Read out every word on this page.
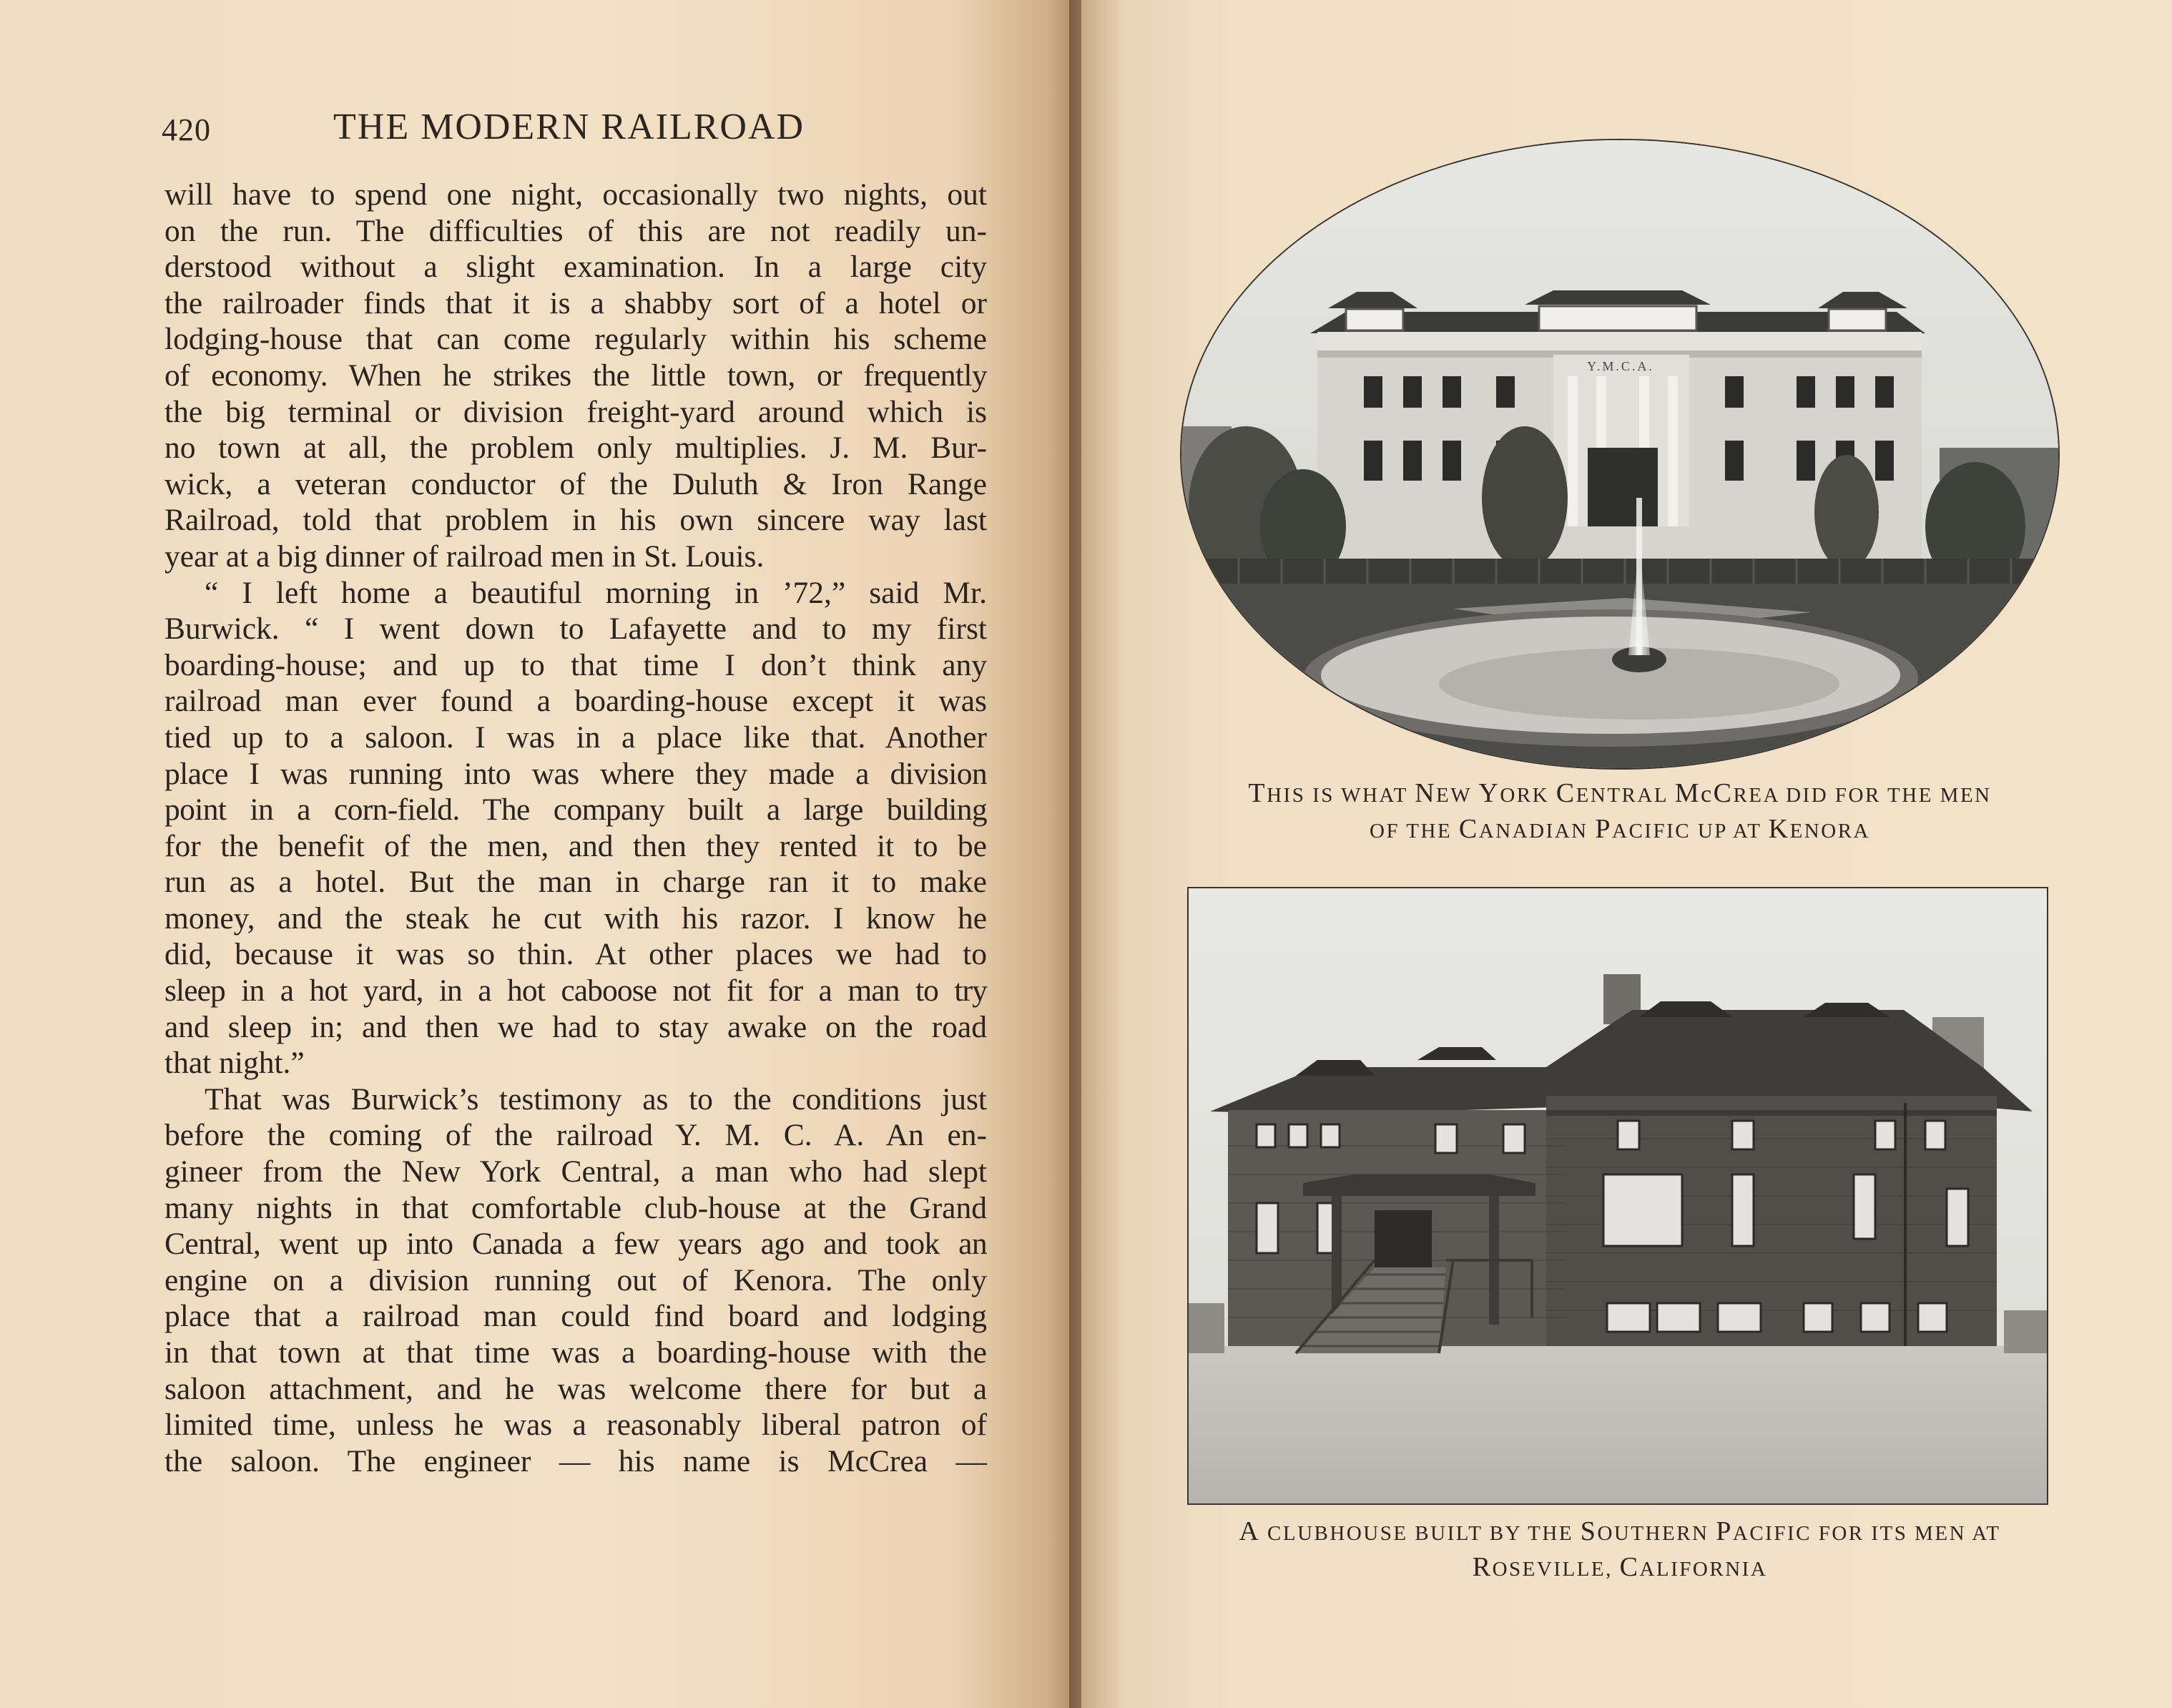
420	THE MODERN RAILROAD

will have to spend one night, occasionally two nights, out

on the run. The difficulties of this are not readily un-

derstood without a slight examination. In a large city

the railroader finds that it is a shabby sort of a hotel or

lodging-house that can come regularly within his scheme

of economy. When he strikes the little town, or frequently

the big terminal or division freight-yard around which is

no town at all, the problem only multiplies. J. M. Bur-

wick, a veteran conductor of the Duluth & Iron Range

Railroad, told that problem in his own sincere way last

year at a big dinner of railroad men in St. Louis.

“ I left home a beautiful morning in ’72,” said Mr.

Burwick. “ I went down to Lafayette and to my first

boarding-house; and up to that time I don’t think any

railroad man ever found a boarding-house except it was

tied up to a saloon. I was in a place like that. Another

place I was running into was where they made a division

point in a corn-field. The company built a large building

for the benefit of the men, and then they rented it to be

run as a hotel. But the man in charge ran it to make

money, and the steak he cut with his razor. I know he

did, because it was so thin. At other places we had to

sleep in a hot yard, in a hot caboose not fit for a man to try

and sleep in; and then we had to stay awake on the road

that night.”

That was Burwick’s testimony as to the conditions just

before the coming of the railroad Y. M. C. A. An en-

gineer from the New York Central, a man who had slept

many nights in that comfortable club-house at the Grand

Central, went up into Canada a few years ago and took an

engine on a division running out of Kenora. The only

place that a railroad man could find board and lodging

in that town at that time was a boarding-house with the

saloon attachment, and he was welcome there for but a

limited time, unless he was a reasonably liberal patron of

the saloon. The engineer — his name is McCrea —

Y.M.C.A.
THIS IS WHAT NEW YORK CENTRAL McCREA DID FOR THE MEN
OF THE CANADIAN PACIFIC UP AT KENORA
A CLUBHOUSE BUILT BY THE SOUTHERN PACIFIC FOR ITS MEN AT
ROSEVILLE, CALIFORNIA
